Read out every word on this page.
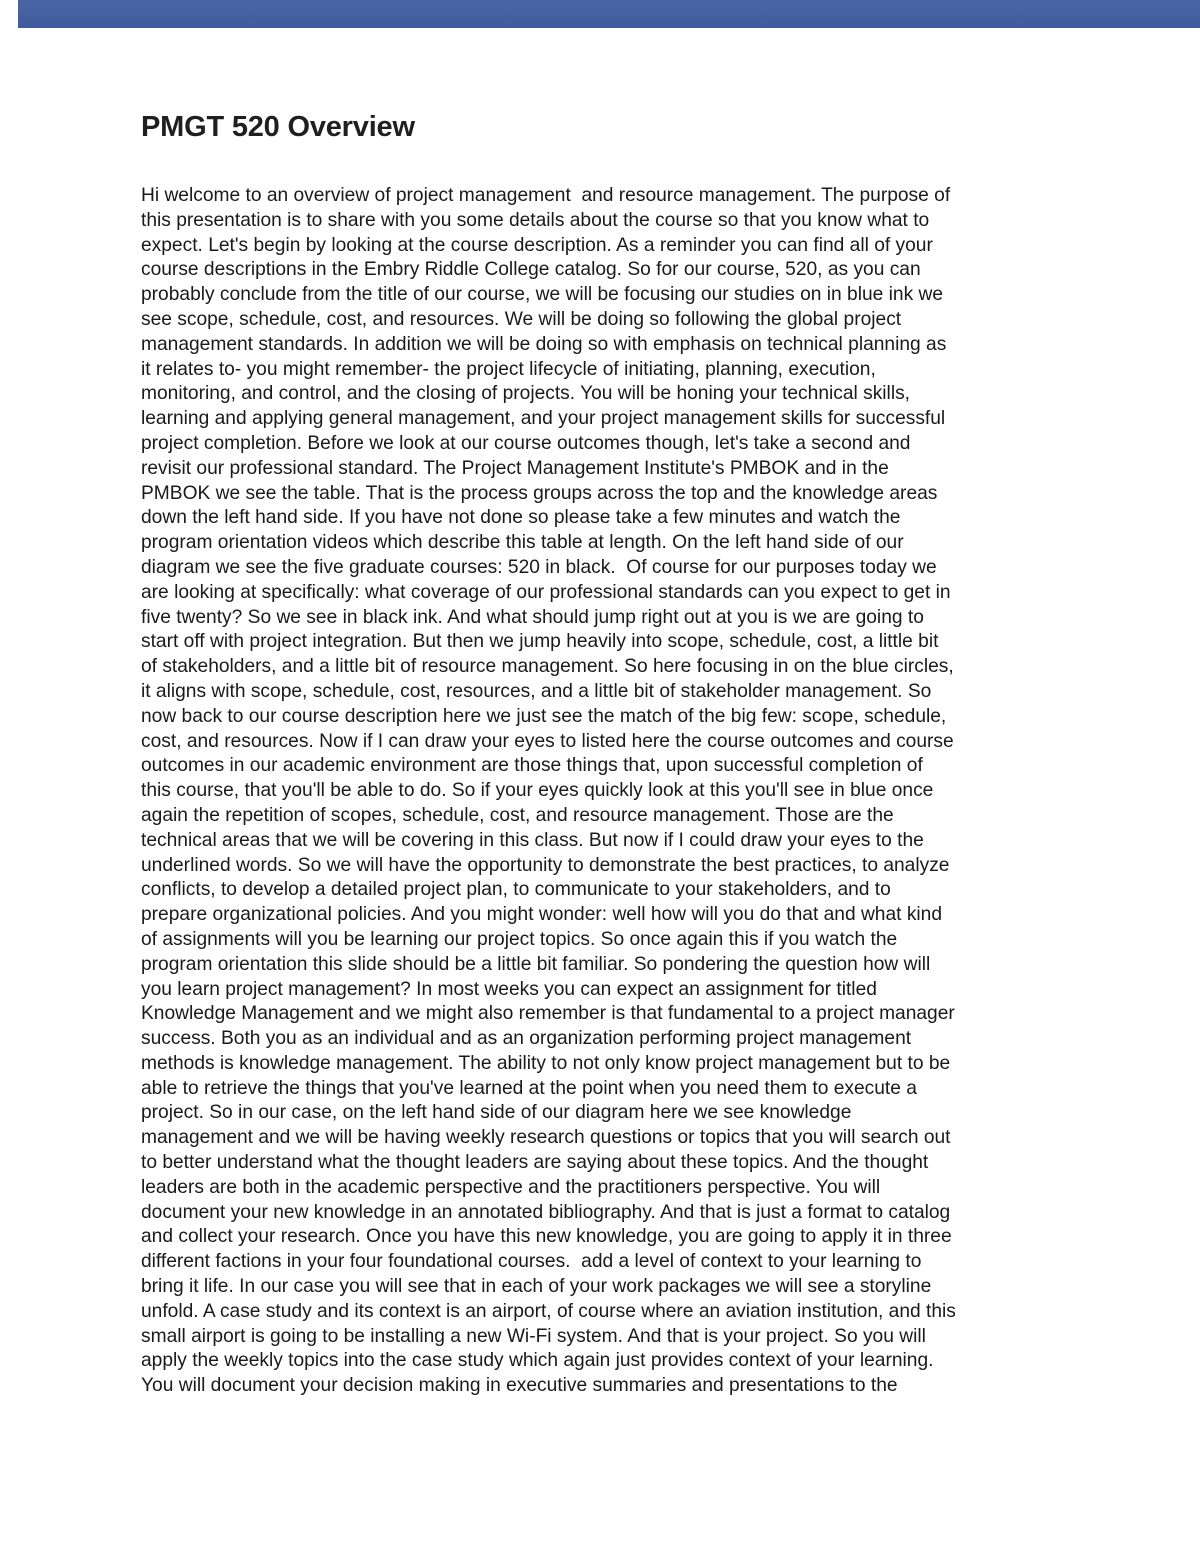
PMGT 520 Overview
Hi welcome to an overview of project management  and resource management. The purpose of
this presentation is to share with you some details about the course so that you know what to
expect. Let's begin by looking at the course description. As a reminder you can find all of your
course descriptions in the Embry Riddle College catalog. So for our course, 520, as you can
probably conclude from the title of our course, we will be focusing our studies on in blue ink we
see scope, schedule, cost, and resources. We will be doing so following the global project
management standards. In addition we will be doing so with emphasis on technical planning as
it relates to- you might remember- the project lifecycle of initiating, planning, execution,
monitoring, and control, and the closing of projects. You will be honing your technical skills,
learning and applying general management, and your project management skills for successful
project completion. Before we look at our course outcomes though, let's take a second and
revisit our professional standard. The Project Management Institute's PMBOK and in the
PMBOK we see the table. That is the process groups across the top and the knowledge areas
down the left hand side. If you have not done so please take a few minutes and watch the
program orientation videos which describe this table at length. On the left hand side of our
diagram we see the five graduate courses: 520 in black.  Of course for our purposes today we
are looking at specifically: what coverage of our professional standards can you expect to get in
five twenty? So we see in black ink. And what should jump right out at you is we are going to
start off with project integration. But then we jump heavily into scope, schedule, cost, a little bit
of stakeholders, and a little bit of resource management. So here focusing in on the blue circles,
it aligns with scope, schedule, cost, resources, and a little bit of stakeholder management. So
now back to our course description here we just see the match of the big few: scope, schedule,
cost, and resources. Now if I can draw your eyes to listed here the course outcomes and course
outcomes in our academic environment are those things that, upon successful completion of
this course, that you'll be able to do. So if your eyes quickly look at this you'll see in blue once
again the repetition of scopes, schedule, cost, and resource management. Those are the
technical areas that we will be covering in this class. But now if I could draw your eyes to the
underlined words. So we will have the opportunity to demonstrate the best practices, to analyze
conflicts, to develop a detailed project plan, to communicate to your stakeholders, and to
prepare organizational policies. And you might wonder: well how will you do that and what kind
of assignments will you be learning our project topics. So once again this if you watch the
program orientation this slide should be a little bit familiar. So pondering the question how will
you learn project management? In most weeks you can expect an assignment for titled
Knowledge Management and we might also remember is that fundamental to a project manager
success. Both you as an individual and as an organization performing project management
methods is knowledge management. The ability to not only know project management but to be
able to retrieve the things that you've learned at the point when you need them to execute a
project. So in our case, on the left hand side of our diagram here we see knowledge
management and we will be having weekly research questions or topics that you will search out
to better understand what the thought leaders are saying about these topics. And the thought
leaders are both in the academic perspective and the practitioners perspective. You will
document your new knowledge in an annotated bibliography. And that is just a format to catalog
and collect your research. Once you have this new knowledge, you are going to apply it in three
different factions in your four foundational courses.  add a level of context to your learning to
bring it life. In our case you will see that in each of your work packages we will see a storyline
unfold. A case study and its context is an airport, of course where an aviation institution, and this
small airport is going to be installing a new Wi-Fi system. And that is your project. So you will
apply the weekly topics into the case study which again just provides context of your learning.
You will document your decision making in executive summaries and presentations to the
